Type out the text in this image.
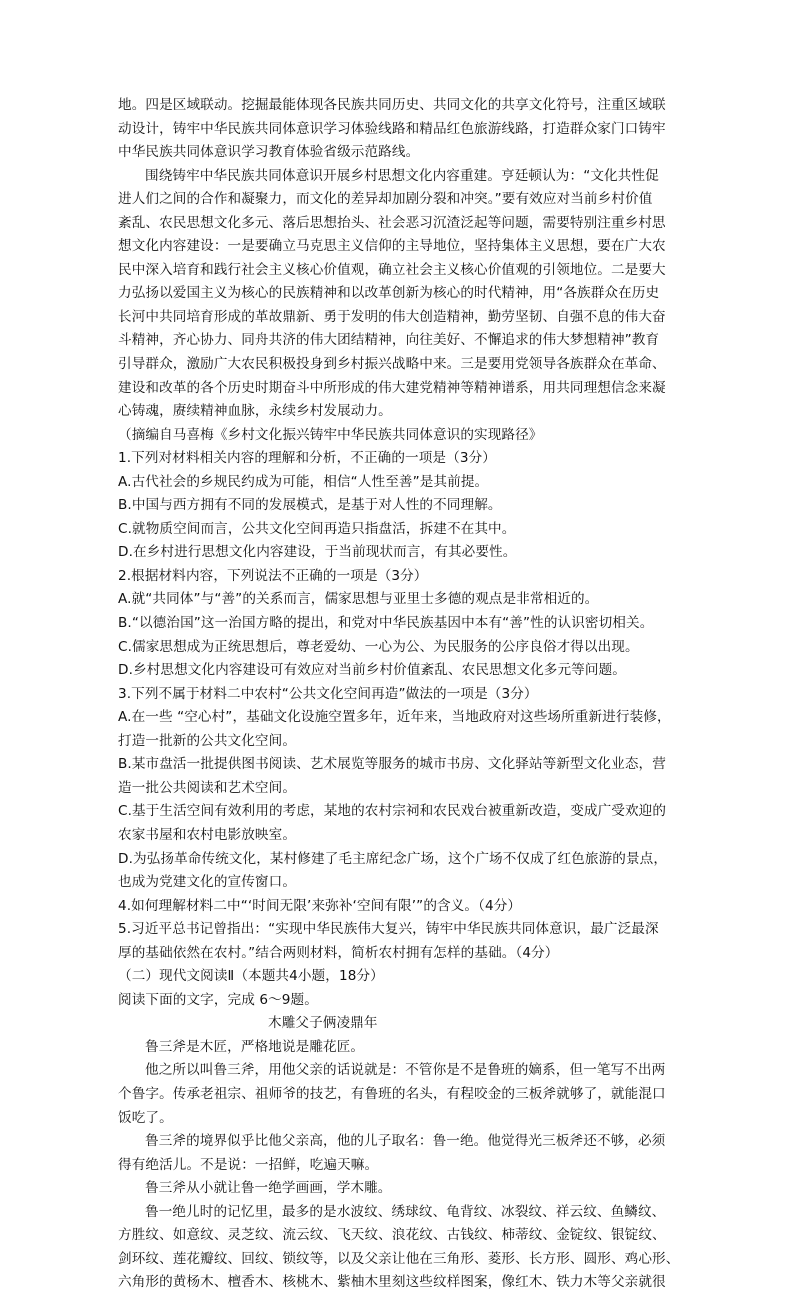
地。四是区域联动。挖掘最能体现各民族共同历史、共同文化的共享文化符号，注重区域联
动设计，铸牢中华民族共同体意识学习体验线路和精品红色旅游线路，打造群众家门口铸牢
中华民族共同体意识学习教育体验省级示范路线。
围绕铸牢中华民族共同体意识开展乡村思想文化内容重建。亨廷顿认为：“文化共性促
进人们之间的合作和凝聚力，而文化的差异却加剧分裂和冲突。”要有效应对当前乡村价值
紊乱、农民思想文化多元、落后思想抬头、社会恶习沉渣泛起等问题，需要特别注重乡村思
想文化内容建设：一是要确立马克思主义信仰的主导地位，坚持集体主义思想，要在广大农
民中深入培育和践行社会主义核心价值观，确立社会主义核心价值观的引领地位。二是要大
力弘扬以爱国主义为核心的民族精神和以改革创新为核心的时代精神，用“各族群众在历史
长河中共同培育形成的革故鼎新、勇于发明的伟大创造精神，勤劳坚韧、自强不息的伟大奋
斗精神，齐心协力、同舟共济的伟大团结精神，向往美好、不懈追求的伟大梦想精神”教育
引导群众，激励广大农民积极投身到乡村振兴战略中来。三是要用党领导各族群众在革命、
建设和改革的各个历史时期奋斗中所形成的伟大建党精神等精神谱系，用共同理想信念来凝
心铸魂，赓续精神血脉，永续乡村发展动力。
（摘编自马喜梅《乡村文化振兴铸牢中华民族共同体意识的实现路径》
1.下列对材料相关内容的理解和分析，不正确的一项是（3分）
A.古代社会的乡规民约成为可能，相信“人性至善”是其前提。
B.中国与西方拥有不同的发展模式，是基于对人性的不同理解。
C.就物质空间而言，公共文化空间再造只指盘活，拆建不在其中。
D.在乡村进行思想文化内容建设，于当前现状而言，有其必要性。
2.根据材料内容，下列说法不正确的一项是（3分）
A.就“共同体”与“善”的关系而言，儒家思想与亚里士多德的观点是非常相近的。
B.“以德治国”这一治国方略的提出，和党对中华民族基因中本有“善”性的认识密切相关。
C.儒家思想成为正统思想后，尊老爱幼、一心为公、为民服务的公序良俗才得以出现。
D.乡村思想文化内容建设可有效应对当前乡村价值紊乱、农民思想文化多元等问题。
3.下列不属于材料二中农村“公共文化空间再造”做法的一项是（3分）
A.在一些 “空心村”，基础文化设施空置多年，近年来，当地政府对这些场所重新进行装修，
打造一批新的公共文化空间。
B.某市盘活一批提供图书阅读、艺术展览等服务的城市书房、文化驿站等新型文化业态，营
造一批公共阅读和艺术空间。
C.基于生活空间有效利用的考虑，某地的农村宗祠和农民戏台被重新改造，变成广受欢迎的
农家书屋和农村电影放映室。
D.为弘扬革命传统文化，某村修建了毛主席纪念广场，这个广场不仅成了红色旅游的景点，
也成为党建文化的宣传窗口。
4.如何理解材料二中“‘时间无限’来弥补‘空间有限’”的含义。（4分）
5.习近平总书记曾指出：“实现中华民族伟大复兴，铸牢中华民族共同体意识，最广泛最深
厚的基础依然在农村。”结合两则材料，简析农村拥有怎样的基础。（4分）
（二）现代文阅读Ⅱ（本题共4小题，18分）
阅读下面的文字，完成 6～9题。
木雕父子俩凌鼎年
鲁三斧是木匠，严格地说是雕花匠。
他之所以叫鲁三斧，用他父亲的话说就是：不管你是不是鲁班的嫡系，但一笔写不出两
个鲁字。传承老祖宗、祖师爷的技艺，有鲁班的名头，有程咬金的三板斧就够了，就能混口
饭吃了。
鲁三斧的境界似乎比他父亲高，他的儿子取名：鲁一绝。他觉得光三板斧还不够，必须
得有绝活儿。不是说：一招鲜，吃遍天嘛。
鲁三斧从小就让鲁一绝学画画，学木雕。
鲁一绝儿时的记忆里，最多的是水波纹、绣球纹、龟背纹、冰裂纹、祥云纹、鱼鳞纹、
方胜纹、如意纹、灵芝纹、流云纹、飞天纹、浪花纹、古钱纹、柿蒂纹、金锭纹、银锭纹、
剑环纹、莲花瓣纹、回纹、锁纹等，以及父亲让他在三角形、菱形、长方形、圆形、鸡心形、
六角形的黄杨木、檀香木、核桃木、紫柚木里刻这些纹样图案，像红木、铁力木等父亲就很
